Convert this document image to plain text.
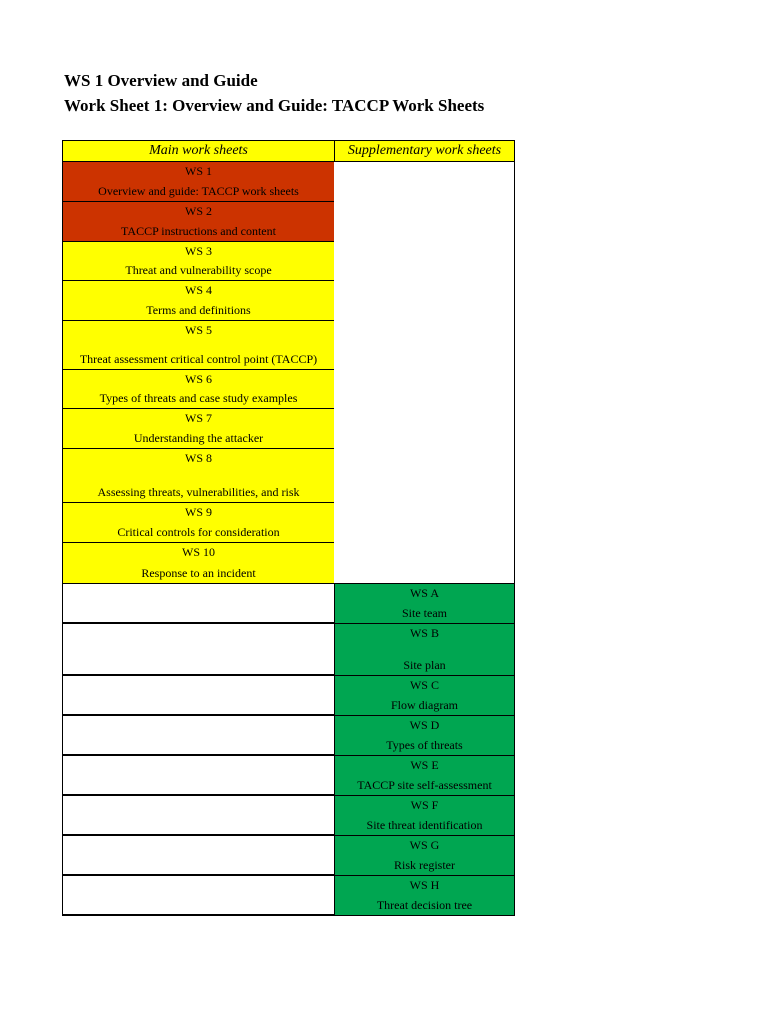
WS 1 Overview and Guide
Work Sheet 1: Overview and Guide: TACCP Work Sheets
Main work sheets	Supplementary work sheets
WS 1
Overview and guide: TACCP work sheets
WS 2
TACCP instructions and content
WS 3
Threat and vulnerability scope
WS 4
Terms and definitions
WS 5
Threat assessment critical control point (TACCP)
WS 6
Types of threats and case study examples
WS 7
Understanding the attacker
WS 8
Assessing threats, vulnerabilities, and risk
WS 9
Critical controls for consideration
WS 10
Response to an incident
WS A
Site team
WS B
Site plan
WS C
Flow diagram
WS D
Types of threats
WS E
TACCP site self-assessment
WS F
Site threat identification
WS G
Risk register
WS H
Threat decision tree
